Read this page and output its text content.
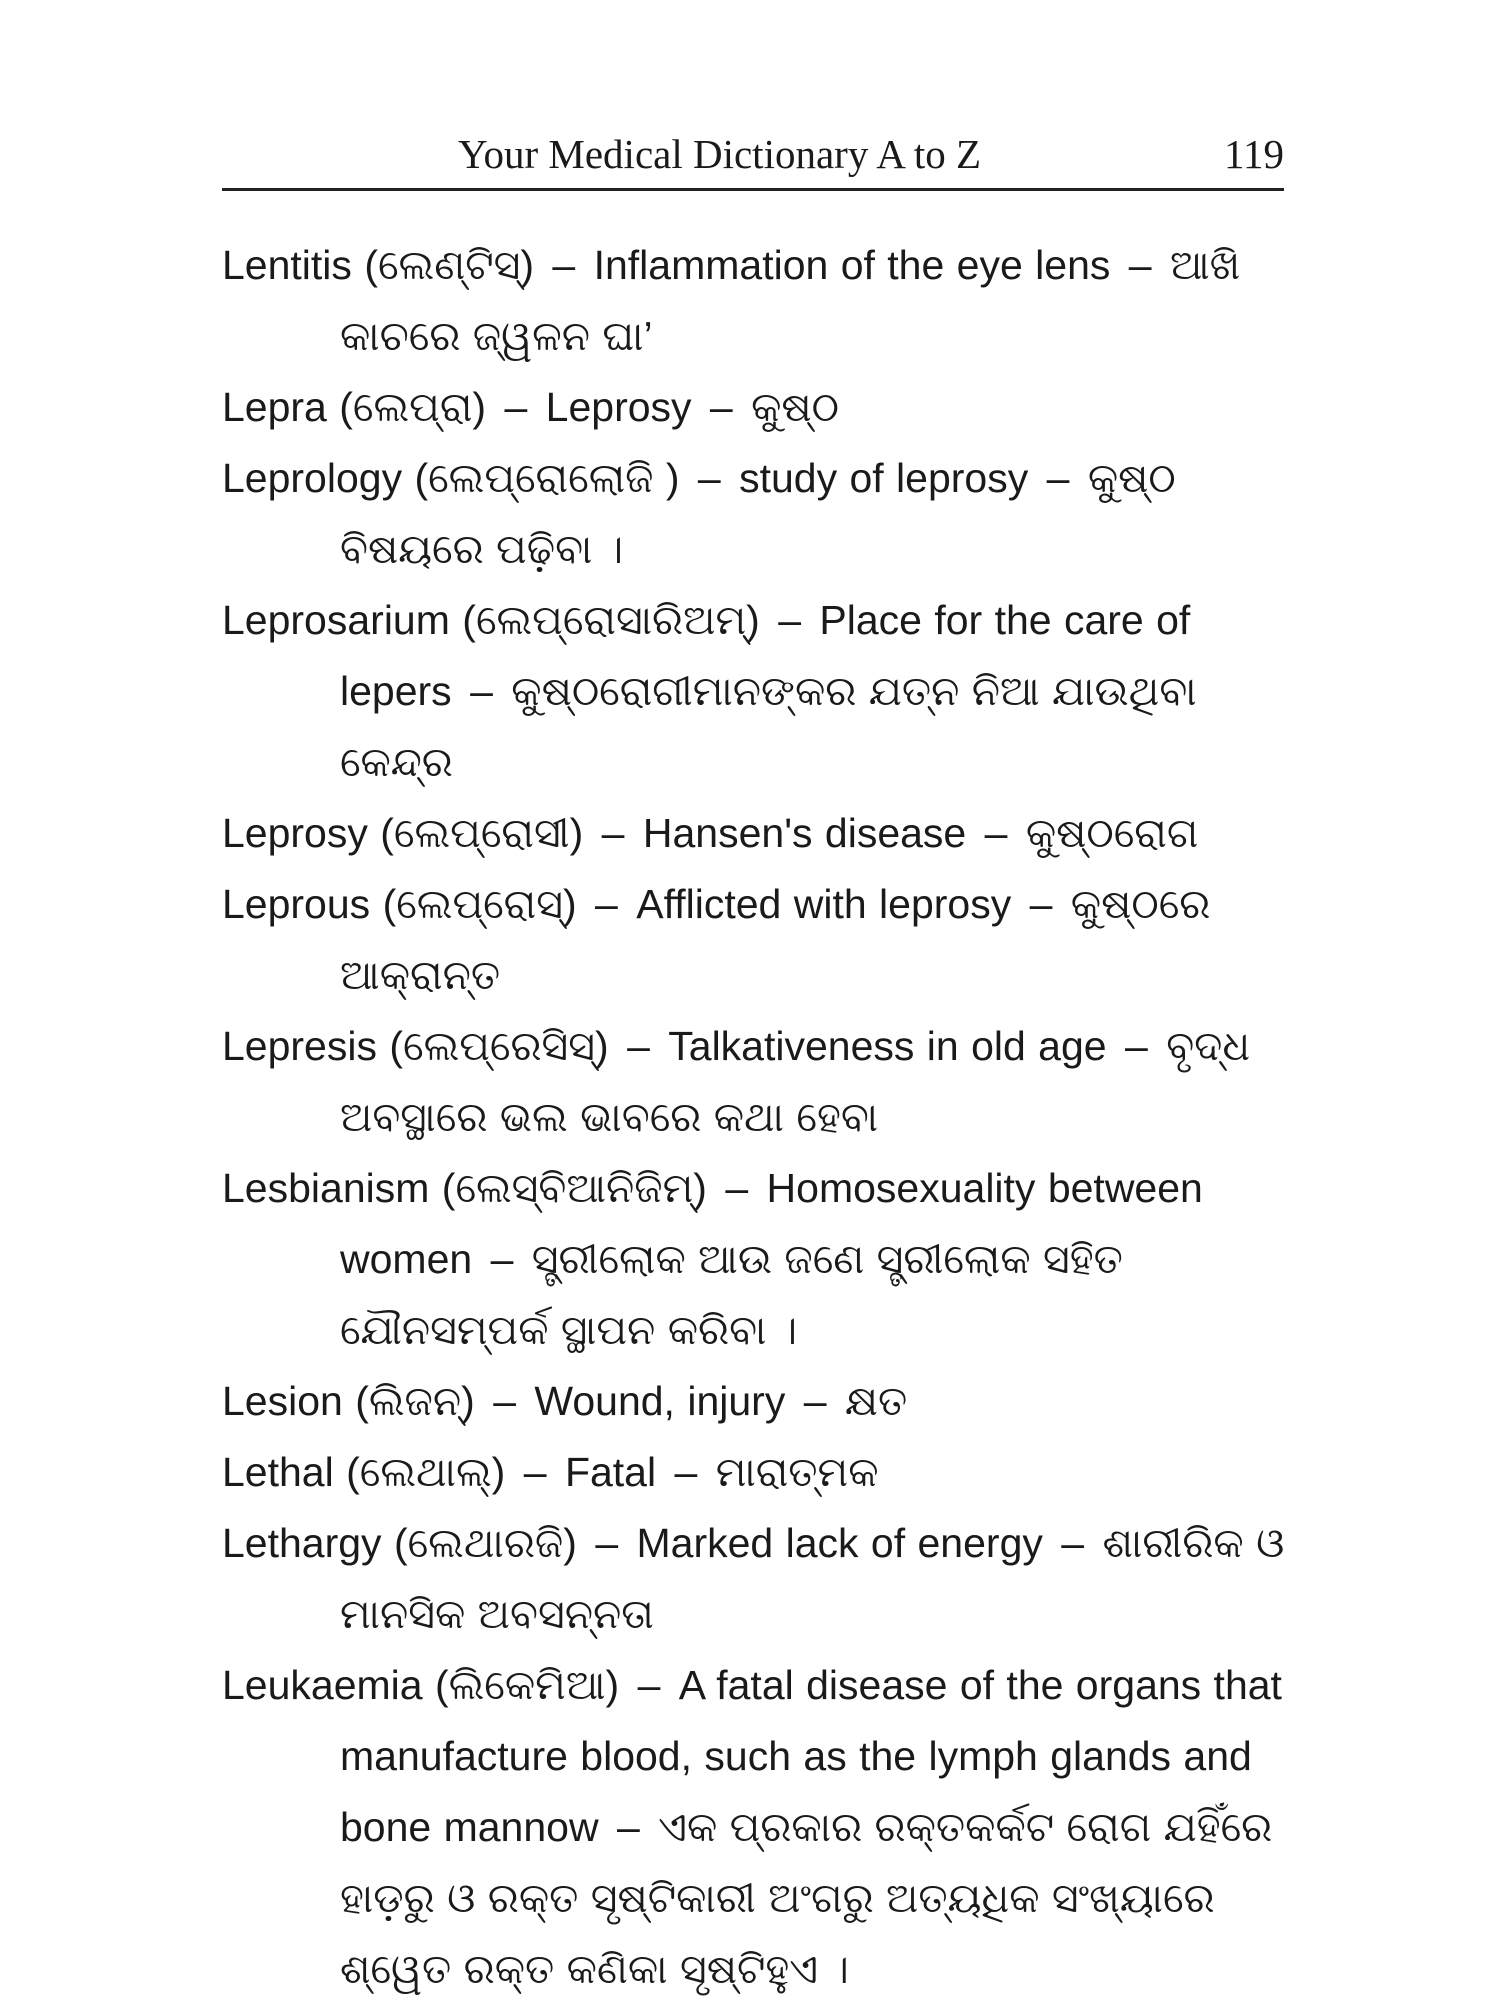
Your Medical Dictionary A to Z	119

Lentitis (ଲେଣ୍ଟିସ୍) – Inflammation of the eye lens – ଆଖି କାଚରେ ଜ୍ୱଳନ ଘା’

Lepra (ଲେପ୍ରା) – Leprosy – କୁଷ୍ଠ

Leprology (ଲେପ୍ରୋଲୋଜି ) – study of leprosy – କୁଷ୍ଠ ବିଷୟରେ ପଢ଼ିବା ।

Leprosarium (ଲେପ୍ରୋସାରିଅମ୍) – Place for the care of lepers – କୁଷ୍ଠରୋଗୀମାନଙ୍କର ଯତ୍ନ ନିଆ ଯାଉଥିବା କେନ୍ଦ୍ର

Leprosy (ଲେପ୍ରୋସୀ) – Hansen's disease – କୁଷ୍ଠରୋଗ

Leprous (ଲେପ୍ରୋସ୍) – Afflicted with leprosy – କୁଷ୍ଠରେ ଆକ୍ରାନ୍ତ

Lepresis (ଲେପ୍ରେସିସ୍) – Talkativeness in old age – ବୃଦ୍ଧ ଅବସ୍ଥାରେ ଭଲ ଭାବରେ କଥା ହେବା

Lesbianism (ଲେସ୍‌ବିଆନିଜିମ୍) – Homosexuality between women – ସ୍ତ୍ରୀଲୋକ ଆଉ ଜଣେ ସ୍ତ୍ରୀଲୋକ ସହିତ ଯୌନସମ୍ପର୍କ ସ୍ଥାପନ କରିବା ।

Lesion (ଲିଜନ୍) – Wound, injury – କ୍ଷତ

Lethal (ଲେଥାଲ୍) – Fatal – ମାରାତ୍ମକ

Lethargy (ଲେଥାରଜି) – Marked lack of energy – ଶାରୀରିକ ଓ ମାନସିକ ଅବସନ୍ନତା

Leukaemia (ଲିକେମିଆ) – A fatal disease of the organs that manufacture blood, such as the lymph glands and bone mannow – ଏକ ପ୍ରକାର ରକ୍ତକର୍କଟ ରୋଗ ଯହିଁରେ ହାଡ଼ରୁ ଓ ରକ୍ତ ସୃଷ୍ଟିକାରୀ ଅଂଗରୁ ଅତ୍ୟଧିକ ସଂଖ୍ୟାରେ ଶ୍ୱେତ ରକ୍ତ କଣିକା ସୃଷ୍ଟିହୁଏ ।
